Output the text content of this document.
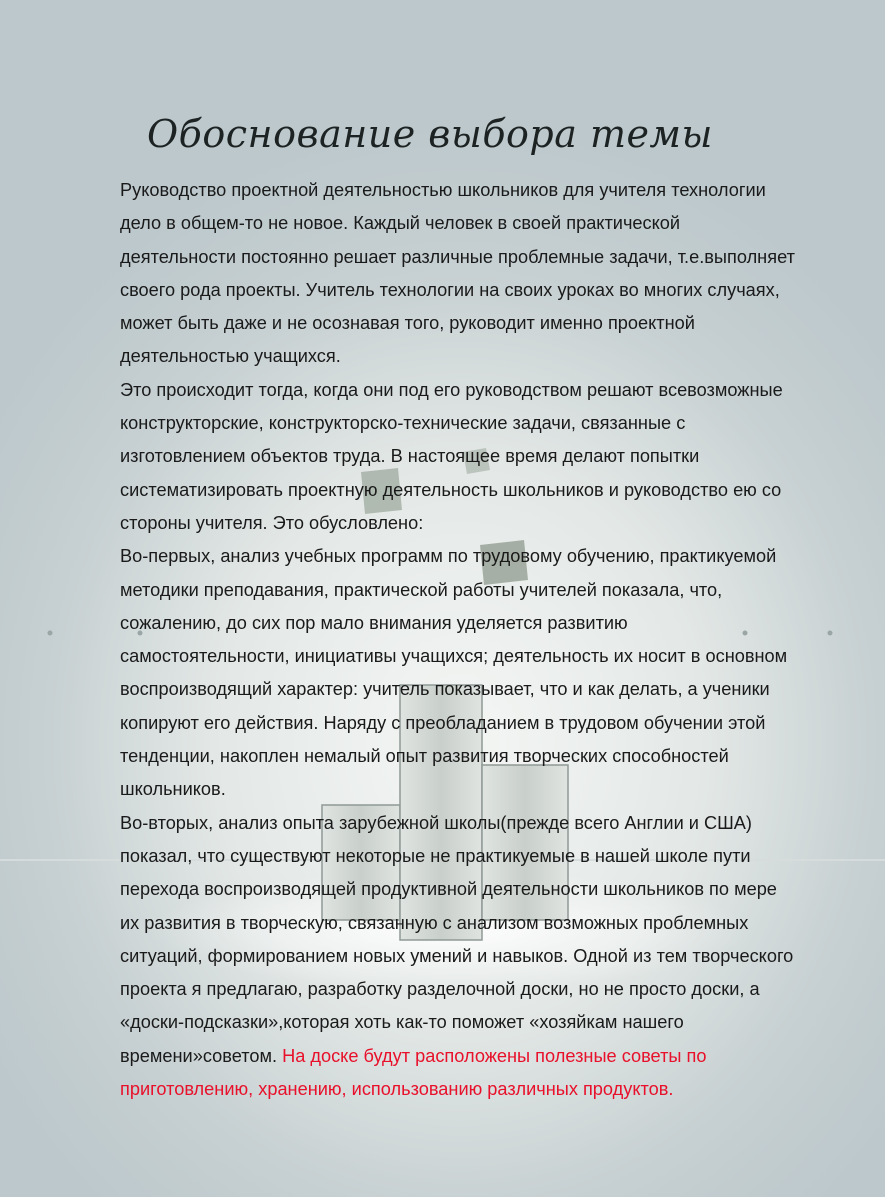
Обоснование выбора темы

Руководство проектной деятельностью школьников для учителя технологии дело в общем-то не новое. Каждый человек в своей практической деятельности постоянно решает различные проблемные задачи, т.е.выполняет своего рода проекты. Учитель технологии на своих уроках во многих случаях, может быть даже и не осознавая того, руководит именно проектной деятельностью учащихся.

Это происходит тогда, когда они под его руководством решают всевозможные конструкторские, конструкторско-технические задачи, связанные с изготовлением объектов труда. В настоящее время делают попытки систематизировать проектную деятельность школьников и руководство ею со стороны учителя. Это обусловлено:

Во-первых, анализ учебных программ по трудовому обучению, практикуемой методики преподавания, практической работы учителей показала, что, сожалению, до сих пор мало внимания уделяется развитию самостоятельности, инициативы учащихся; деятельность их носит в основном воспроизводящий характер: учитель показывает, что и как делать, а ученики копируют его действия. Наряду с преобладанием в трудовом обучении этой тенденции, накоплен немалый опыт развития творческих способностей школьников.

Во-вторых, анализ опыта зарубежной школы(прежде всего Англии и США) показал, что существуют некоторые не практикуемые в нашей школе пути перехода воспроизводящей продуктивной деятельности школьников по мере их развития в творческую, связанную с анализом возможных проблемных ситуаций, формированием новых умений и навыков. Одной из тем творческого проекта я предлагаю, разработку разделочной доски, но не просто доски, а «доски-подсказки»,которая хоть как-то поможет «хозяйкам нашего времени»советом. На доске будут расположены полезные советы по приготовлению, хранению, использованию различных продуктов.
